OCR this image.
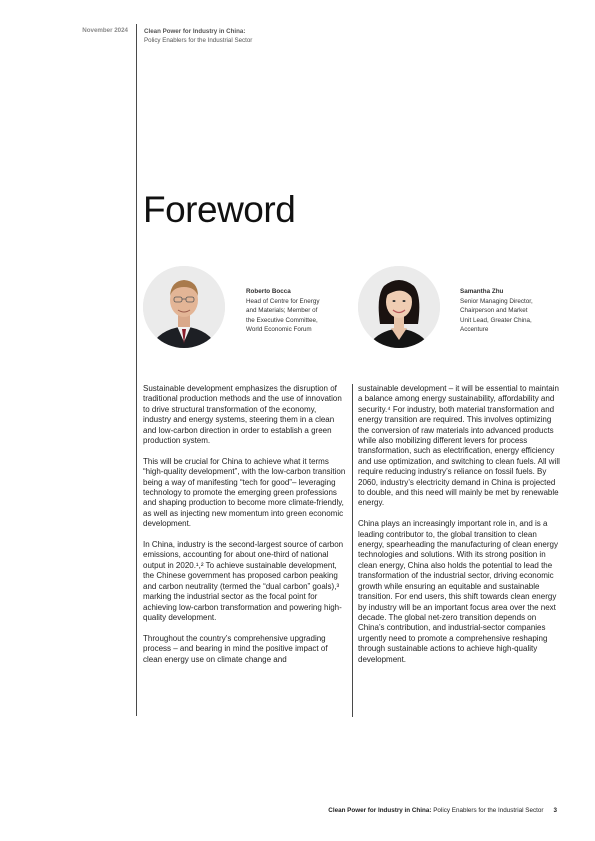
November 2024	Clean Power for Industry in China:
Policy Enablers for the Industrial Sector
Foreword
Roberto Bocca
Head of Centre for Energy
and Materials; Member of
the Executive Committee,
World Economic Forum
Samantha Zhu
Senior Managing Director,
Chairperson and Market
Unit Lead, Greater China,
Accenture

Sustainable development emphasizes the disruption of traditional production methods and the use of innovation to drive structural transformation of the economy, industry and energy systems, steering them in a clean and low-carbon direction in order to establish a green production system.

This will be crucial for China to achieve what it terms “high-quality development”, with the low-carbon transition being a way of manifesting “tech for good”– leveraging technology to promote the emerging green professions and shaping production to become more climate-friendly, as well as injecting new momentum into green economic development.

In China, industry is the second-largest source of carbon emissions, accounting for about one-third of national output in 2020.¹,² To achieve sustainable development, the Chinese government has proposed carbon peaking and carbon neutrality (termed the “dual carbon” goals),³ marking the industrial sector as the focal point for achieving low-carbon transformation and powering high-quality development.

Throughout the country’s comprehensive upgrading process – and bearing in mind the positive impact of clean energy use on climate change and

sustainable development – it will be essential to maintain a balance among energy sustainability, affordability and security.⁴ For industry, both material transformation and energy transition are required. This involves optimizing the conversion of raw materials into advanced products while also mobilizing different levers for process transformation, such as electrification, energy efficiency and use optimization, and switching to clean fuels. All will require reducing industry’s reliance on fossil fuels. By 2060, industry’s electricity demand in China is projected to double, and this need will mainly be met by renewable energy.

China plays an increasingly important role in, and is a leading contributor to, the global transition to clean energy, spearheading the manufacturing of clean energy technologies and solutions. With its strong position in clean energy, China also holds the potential to lead the transformation of the industrial sector, driving economic growth while ensuring an equitable and sustainable transition. For end users, this shift towards clean energy by industry will be an important focus area over the next decade. The global net-zero transition depends on China’s contribution, and industrial-sector companies urgently need to promote a comprehensive reshaping through sustainable actions to achieve high-quality development.

Clean Power for Industry in China: Policy Enablers for the Industrial Sector 3
